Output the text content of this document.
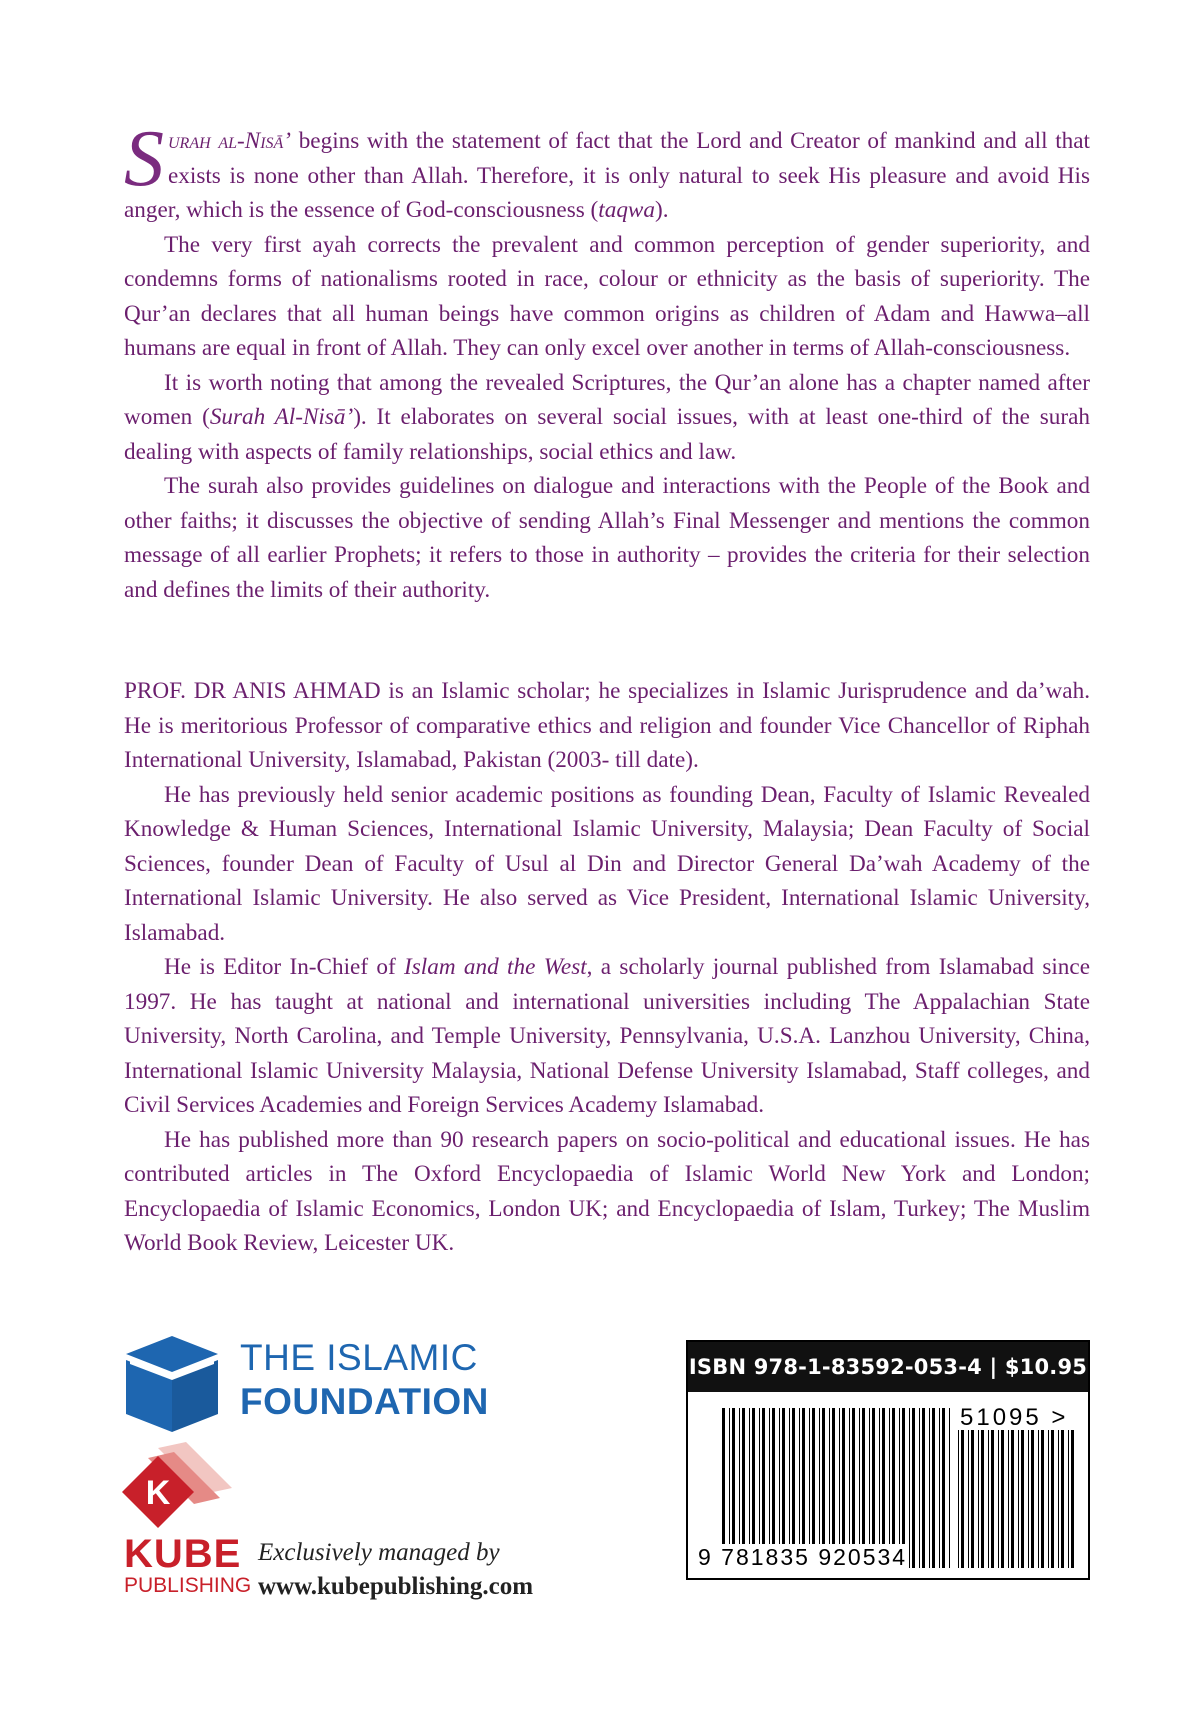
Surah al-Nisā’ begins with the statement of fact that the Lord and Creator of mankind and all that exists is none other than Allah. Therefore, it is only natural to seek His pleasure and avoid His anger, which is the essence of God-consciousness (taqwa).

The very first ayah corrects the prevalent and common perception of gender superiority, and condemns forms of nationalisms rooted in race, colour or ethnicity as the basis of superiority. The Qur’an declares that all human beings have common origins as children of Adam and Hawwa–all humans are equal in front of Allah. They can only excel over another in terms of Allah-consciousness.

It is worth noting that among the revealed Scriptures, the Qur’an alone has a chapter named after women (Surah Al-Nisā’). It elaborates on several social issues, with at least one-third of the surah dealing with aspects of family relationships, social ethics and law.

The surah also provides guidelines on dialogue and interactions with the People of the Book and other faiths; it discusses the objective of sending Allah’s Final Messenger and mentions the common message of all earlier Prophets; it refers to those in authority – provides the criteria for their selection and defines the limits of their authority.

PROF. DR ANIS AHMAD is an Islamic scholar; he specializes in Islamic Jurisprudence and da’wah. He is meritorious Professor of comparative ethics and religion and founder Vice Chancellor of Riphah International University, Islamabad, Pakistan (2003- till date).

He has previously held senior academic positions as founding Dean, Faculty of Islamic Revealed Knowledge & Human Sciences, International Islamic University, Malaysia; Dean Faculty of Social Sciences, founder Dean of Faculty of Usul al Din and Director General Da’wah Academy of the International Islamic University. He also served as Vice President, International Islamic University, Islamabad.

He is Editor In-Chief of Islam and the West, a scholarly journal published from Islamabad since 1997. He has taught at national and international universities including The Appalachian State University, North Carolina, and Temple University, Pennsylvania, U.S.A. Lanzhou University, China, International Islamic University Malaysia, National Defense University Islamabad, Staff colleges, and Civil Services Academies and Foreign Services Academy Islamabad.

He has published more than 90 research papers on socio-political and educational issues. He has contributed articles in The Oxford Encyclopaedia of Islamic World New York and London; Encyclopaedia of Islamic Economics, London UK; and Encyclopaedia of Islam, Turkey; The Muslim World Book Review, Leicester UK.

THE ISLAMIC
FOUNDATION
K
KUBE
PUBLISHING
Exclusively managed by
www.kubepublishing.com
ISBN 978-1-83592-053-4 | $10.95
51095 >
9 781835 920534
